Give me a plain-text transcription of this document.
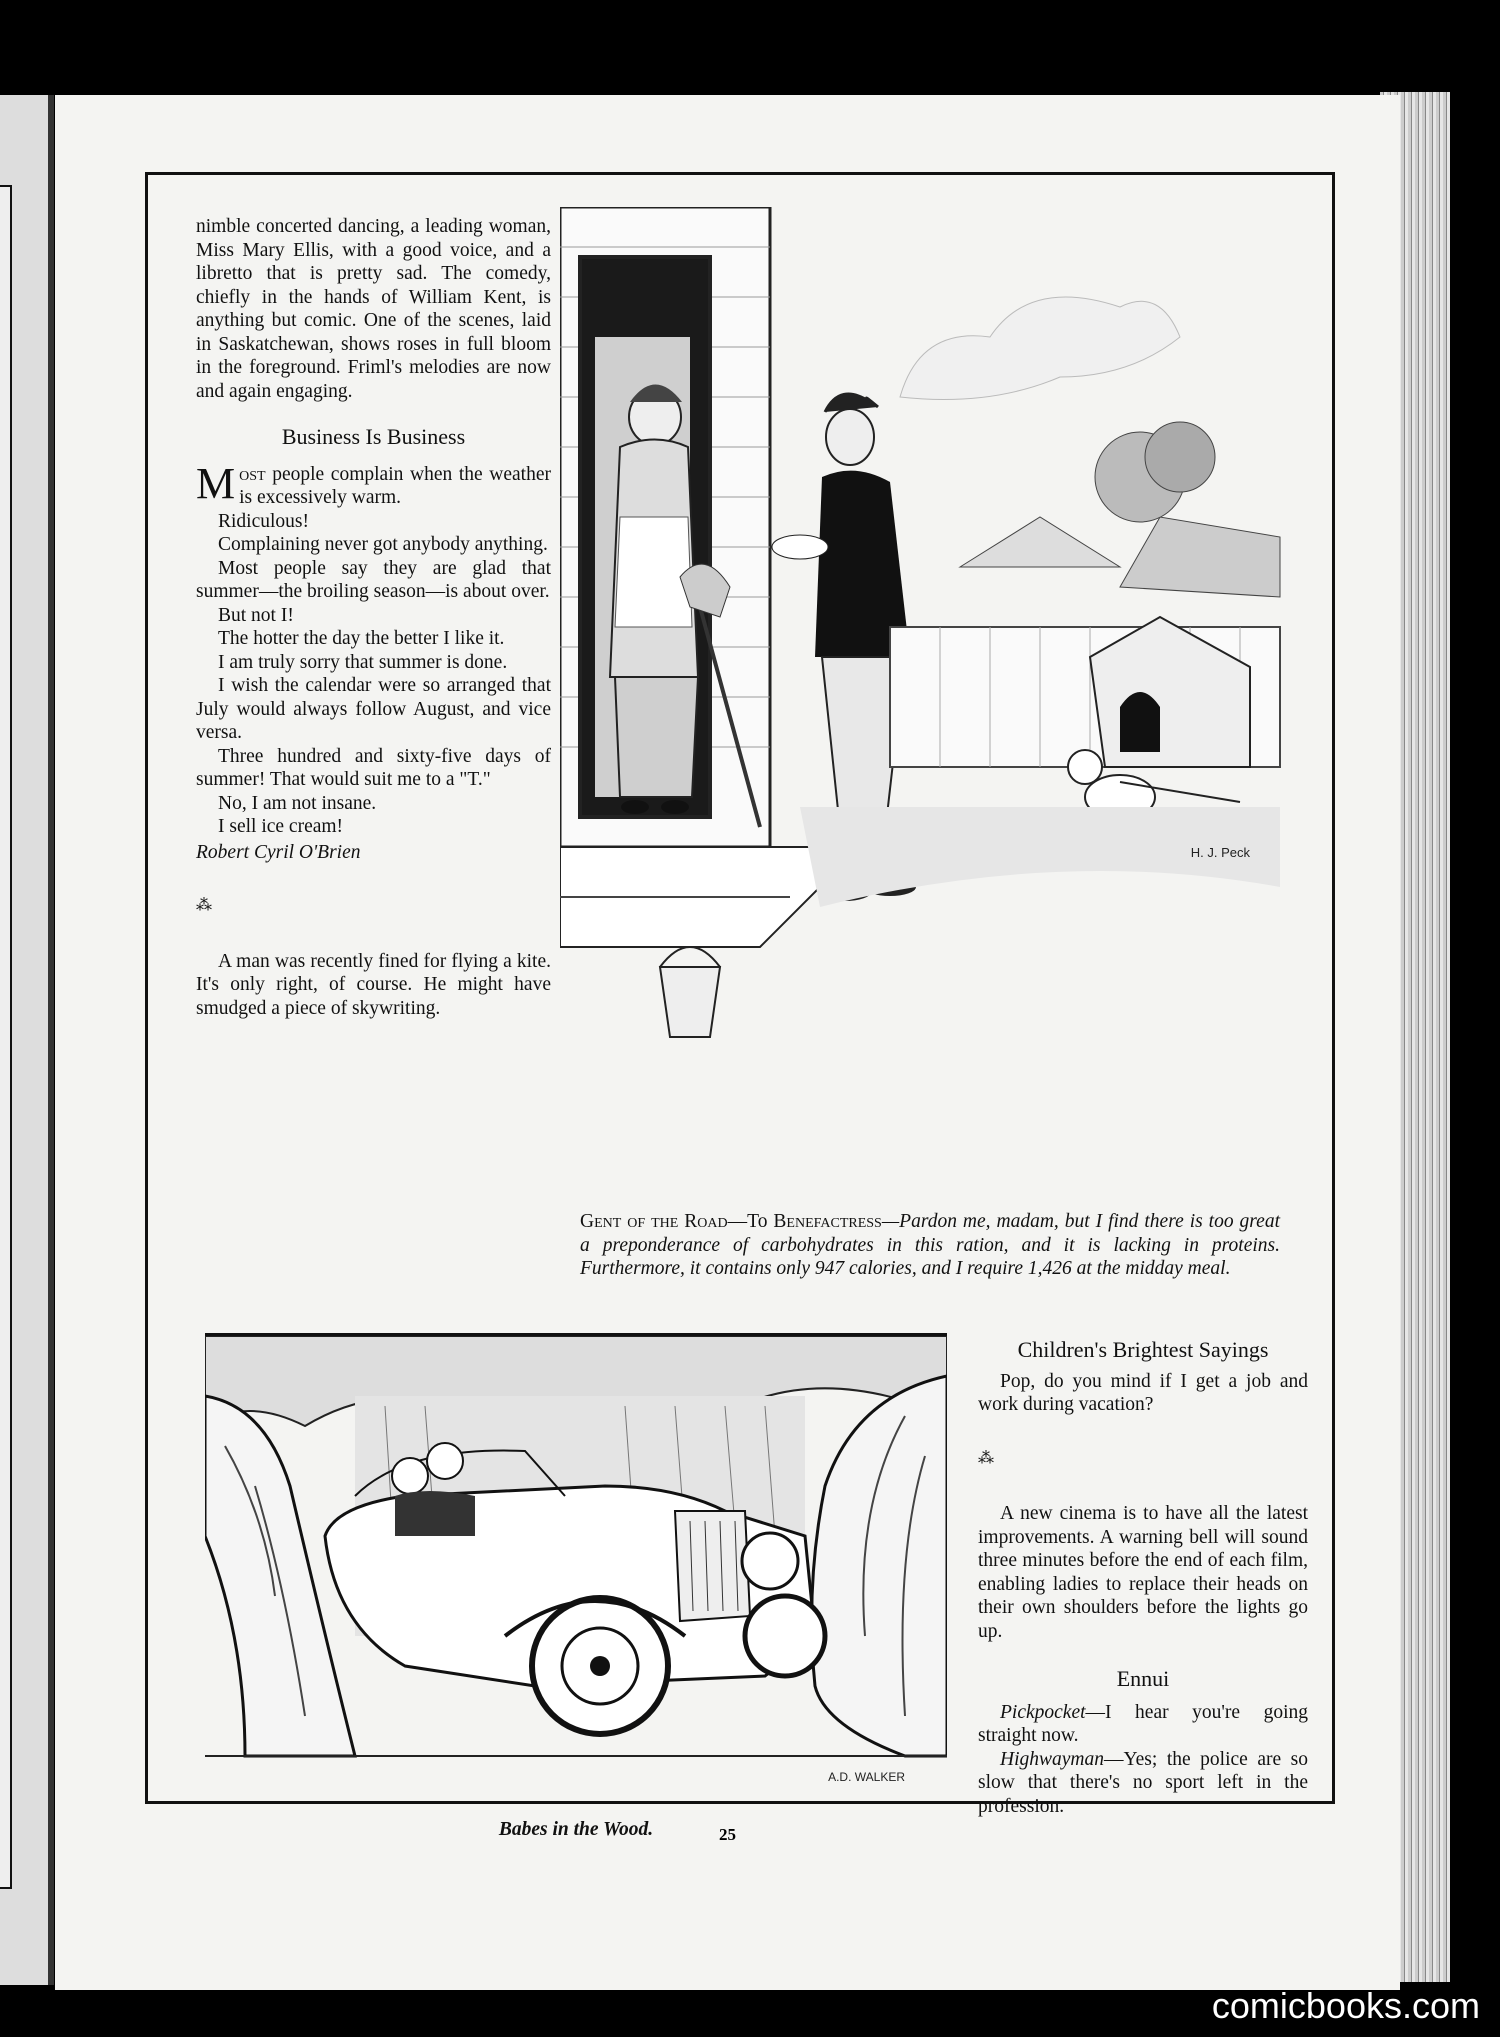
nimble concerted dancing, a leading woman, Miss Mary Ellis, with a good voice, and a libretto that is pretty sad. The comedy, chiefly in the hands of William Kent, is anything but comic. One of the scenes, laid in Saskatchewan, shows roses in full bloom in the foreground. Friml's melodies are now and again engaging.

Business Is Business

Most people complain when the weather is excessively warm.

Ridiculous!

Complaining never got anybody anything.

Most people say they are glad that summer—the broiling season—is about over.

But not I!

The hotter the day the better I like it.

I am truly sorry that summer is done.

I wish the calendar were so arranged that July would always follow August, and vice versa.

Three hundred and sixty-five days of summer! That would suit me to a "T."

No, I am not insane.

I sell ice cream!

Robert Cyril O'Brien

⁂

A man was recently fined for flying a kite. It's only right, of course. He might have smudged a piece of skywriting.

H. J. Peck
Gent of the Road—To Benefactress—Pardon me, madam, but I find there is too great a preponderance of carbohydrates in this ration, and it is lacking in proteins. Furthermore, it contains only 947 calories, and I require 1,426 at the midday meal.
A.D. WALKER
Babes in the Wood.
Children's Brightest Sayings

Pop, do you mind if I get a job and work during vacation?

⁂

A new cinema is to have all the latest improvements. A warning bell will sound three minutes before the end of each film, enabling ladies to replace their heads on their own shoulders before the lights go up.

Ennui

Pickpocket—I hear you're going straight now.

Highwayman—Yes; the police are so slow that there's no sport left in the profession.

25
comicbooks.com
